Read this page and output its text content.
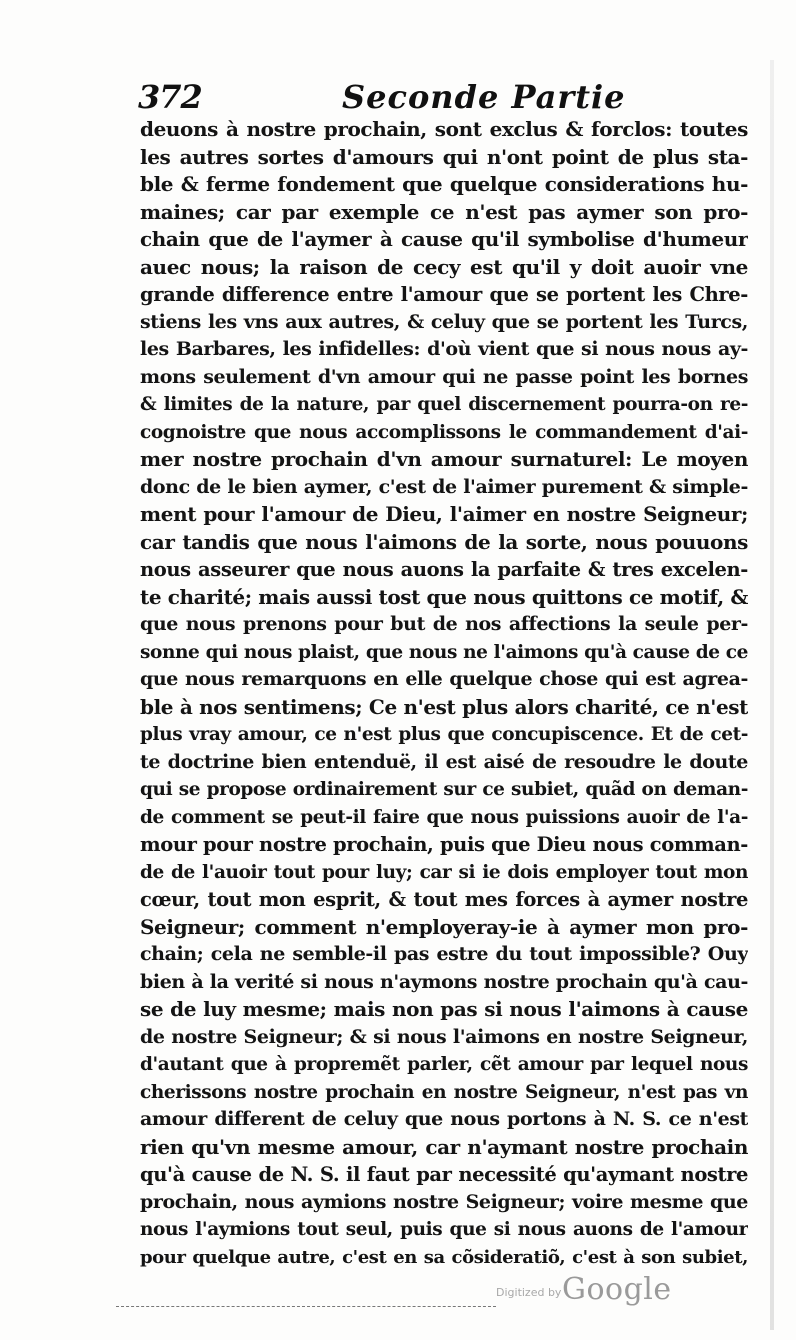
372	Seconde Partie
deuons à nostre prochain, sont exclus & forclos: toutes
les autres sortes d'amours qui n'ont point de plus sta-
ble & ferme fondement que quelque considerations hu-
maines; car par exemple ce n'est pas aymer son pro-
chain que de l'aymer à cause qu'il symbolise d'humeur
auec nous; la raison de cecy est qu'il y doit auoir vne
grande difference entre l'amour que se portent les Chre-
stiens les vns aux autres, & celuy que se portent les Turcs,
les Barbares, les infidelles: d'où vient que si nous nous ay-
mons seulement d'vn amour qui ne passe point les bornes
& limites de la nature, par quel discernement pourra-on re-
cognoistre que nous accomplissons le commandement d'ai-
mer nostre prochain d'vn amour surnaturel: Le moyen
donc de le bien aymer, c'est de l'aimer purement & simple-
ment pour l'amour de Dieu, l'aimer en nostre Seigneur;
car tandis que nous l'aimons de la sorte, nous pouuons
nous asseurer que nous auons la parfaite & tres excelen-
te charité; mais aussi tost que nous quittons ce motif, &
que nous prenons pour but de nos affections la seule per-
sonne qui nous plaist, que nous ne l'aimons qu'à cause de ce
que nous remarquons en elle quelque chose qui est agrea-
ble à nos sentimens; Ce n'est plus alors charité, ce n'est
plus vray amour, ce n'est plus que concupiscence. Et de cet-
te doctrine bien entenduë, il est aisé de resoudre le doute
qui se propose ordinairement sur ce subiet, quãd on deman-
de comment se peut-il faire que nous puissions auoir de l'a-
mour pour nostre prochain, puis que Dieu nous comman-
de de l'auoir tout pour luy; car si ie dois employer tout mon
cœur, tout mon esprit, & tout mes forces à aymer nostre
Seigneur; comment n'employeray-ie à aymer mon pro-
chain; cela ne semble-il pas estre du tout impossible? Ouy
bien à la verité si nous n'aymons nostre prochain qu'à cau-
se de luy mesme; mais non pas si nous l'aimons à cause
de nostre Seigneur; & si nous l'aimons en nostre Seigneur,
d'autant que à propremẽt parler, cẽt amour par lequel nous
cherissons nostre prochain en nostre Seigneur, n'est pas vn
amour different de celuy que nous portons à N. S. ce n'est
rien qu'vn mesme amour, car n'aymant nostre prochain
qu'à cause de N. S. il faut par necessité qu'aymant nostre
prochain, nous aymions nostre Seigneur; voire mesme que
nous l'aymions tout seul, puis que si nous auons de l'amour
pour quelque autre, c'est en sa cõsideratiõ, c'est à son subiet,
Digitized by Google
